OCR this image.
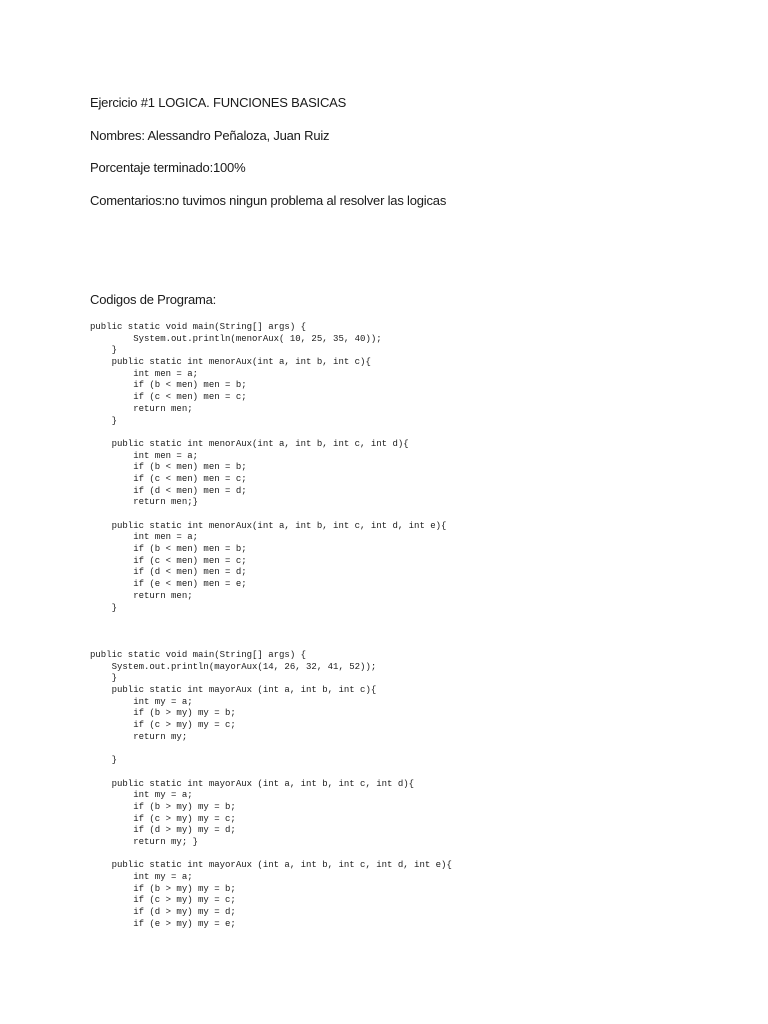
Ejercicio #1 LOGICA. FUNCIONES BASICAS
Nombres: Alessandro Peñaloza, Juan Ruiz
Porcentaje terminado:100%
Comentarios:no tuvimos ningun problema al resolver las logicas
Codigos de Programa:
public static void main(String[] args) {
System.out.println(menorAux( 10, 25, 35, 40));
}
public static int menorAux(int a, int b, int c){
int men = a;
if (b < men) men = b;
if (c < men) men = c;
return men;
}
public static int menorAux(int a, int b, int c, int d){
int men = a;
if (b < men) men = b;
if (c < men) men = c;
if (d < men) men = d;
return men;}
public static int menorAux(int a, int b, int c, int d, int e){
int men = a;
if (b < men) men = b;
if (c < men) men = c;
if (d < men) men = d;
if (e < men) men = e;
return men;
}
public static void main(String[] args) {
System.out.println(mayorAux(14, 26, 32, 41, 52));
}
public static int mayorAux (int a, int b, int c){
int my = a;
if (b > my) my = b;
if (c > my) my = c;
return my;
}
public static int mayorAux (int a, int b, int c, int d){
int my = a;
if (b > my) my = b;
if (c > my) my = c;
if (d > my) my = d;
return my; }
public static int mayorAux (int a, int b, int c, int d, int e){
int my = a;
if (b > my) my = b;
if (c > my) my = c;
if (d > my) my = d;
if (e > my) my = e;
